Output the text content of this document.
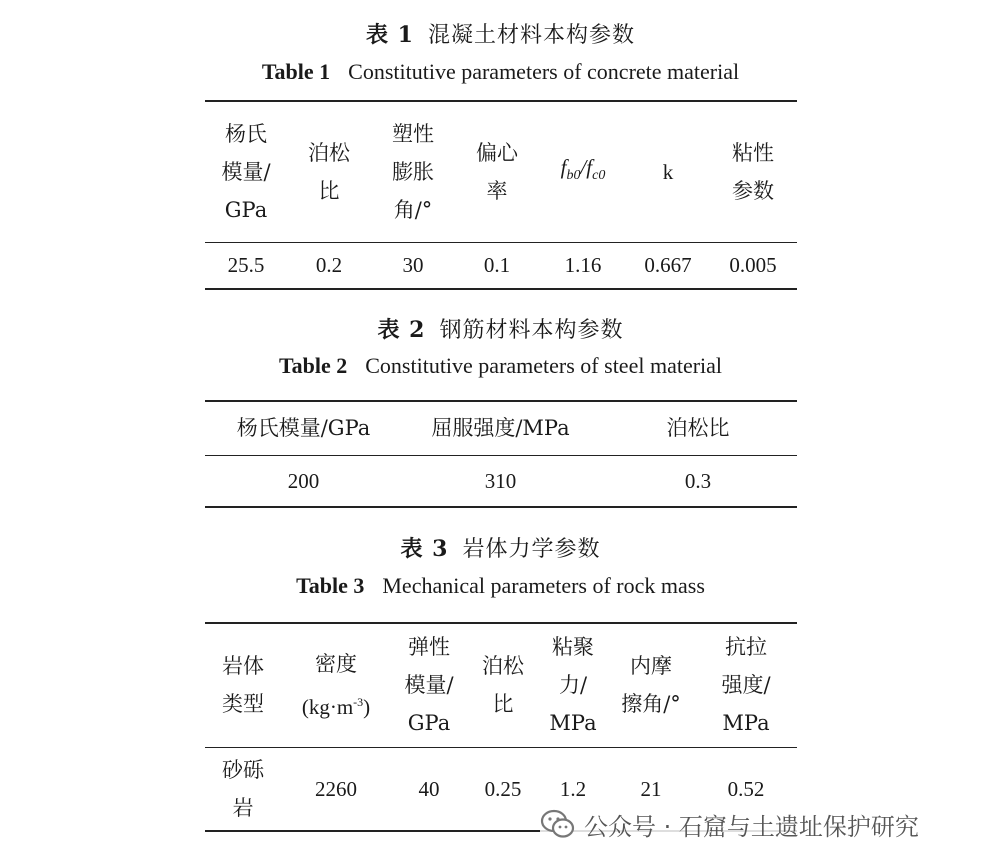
表 1 混凝土材料本构参数
Table 1 Constitutive parameters of concrete material
杨氏
模量/
GPa	泊松
比	塑性
膨胀
角/°	偏心
率	$f_{b0}/f_{c0}$	k	粘性
参数
25.5	0.2	30	0.1	1.16	0.667	0.005
表 2 钢筋材料本构参数
Table 2 Constitutive parameters of steel material
杨氏模量/GPa	屈服强度/MPa	泊松比
200	310	0.3
表 3 岩体力学参数
Table 3 Mechanical parameters of rock mass
岩体
类型	密度
$(kg\cdot m^{-3})$	弹性
模量/
GPa	泊松
比	粘聚
力/
MPa	内摩
擦角/°	抗拉
强度/
MPa
砂砾
岩	2260	40	0.25	1.2	21	0.52
公众号 · 石窟与土遗址保护研究
